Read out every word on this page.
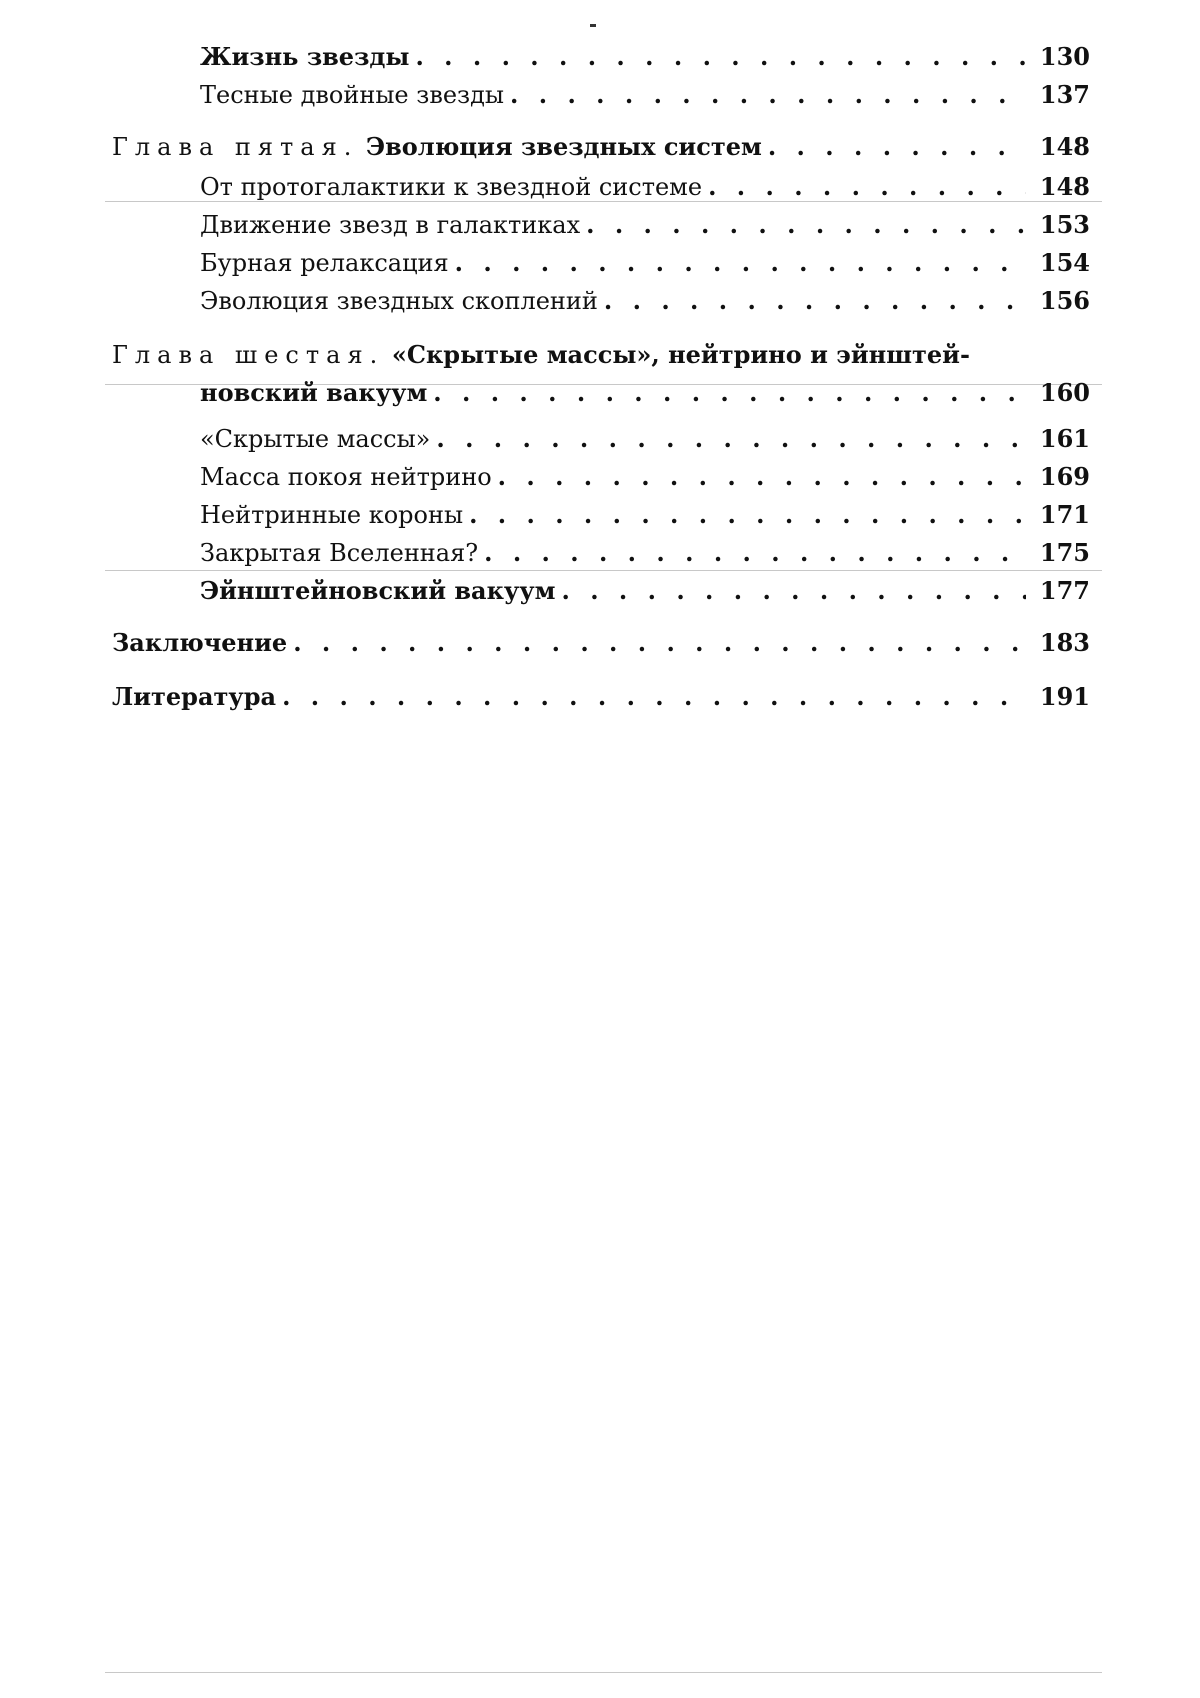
Жизнь звезды . . .	130
Тесные двойные звезды . . .	137
Глава пятая. Эволюция звездных систем . . .	148
От протогалактики к звездной системе . . .	148
Движение звезд в галактиках . . .	153
Бурная релаксация . . .	154
Эволюция звездных скоплений . . .	156
Глава шестая. «Скрытые массы», нейтрино и эйнштей-
новский вакуум . . .	160
«Скрытые массы» . . .	161
Масса покоя нейтрино . . .	169
Нейтринные короны . . .	171
Закрытая Вселенная? . . .	175
Эйнштейновский вакуум . . .	177
Заключение . . .	183
Литература . . .	191
